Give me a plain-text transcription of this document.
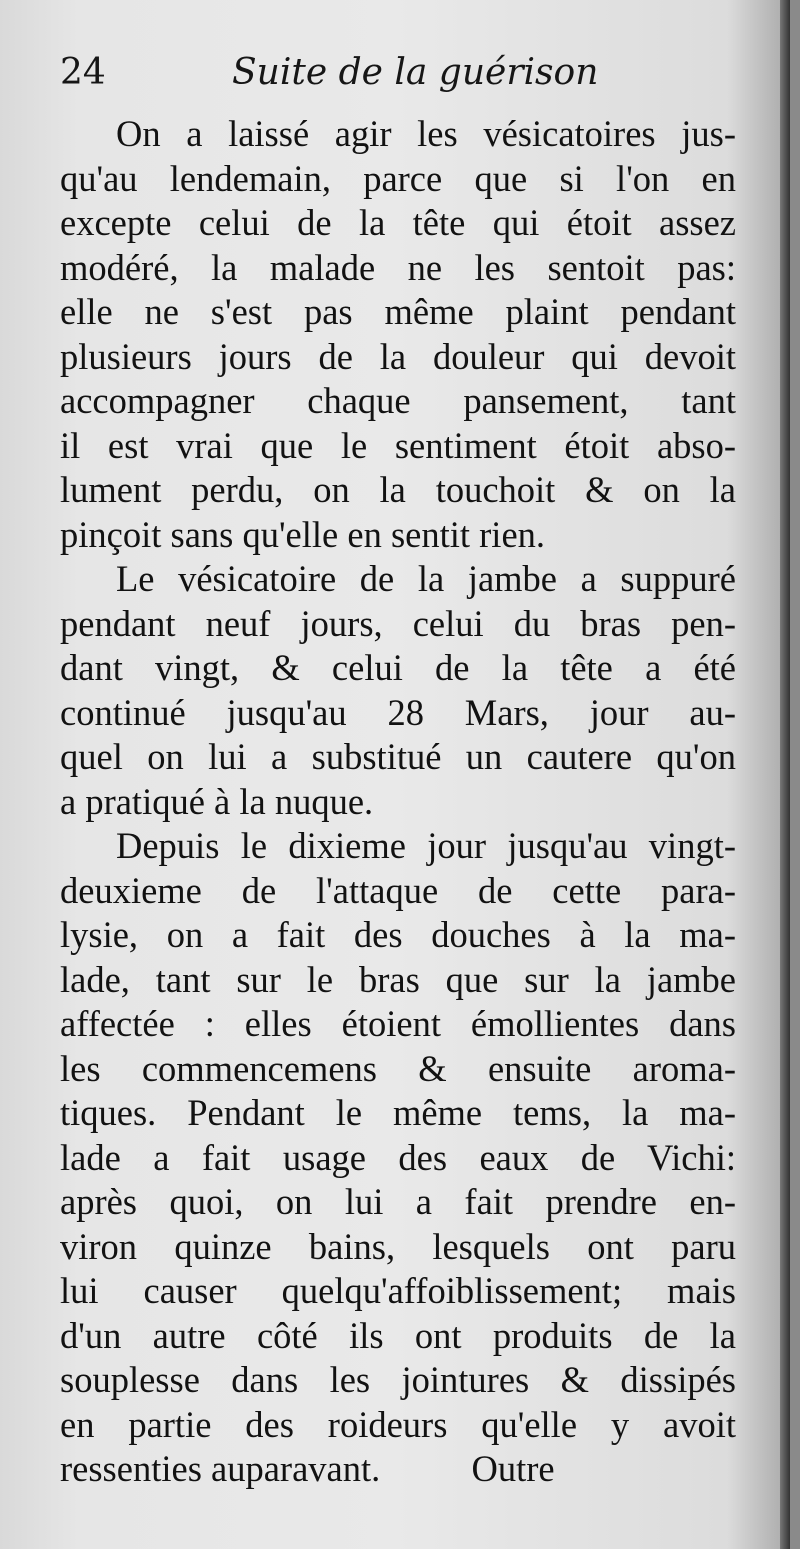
24	Suite de la guérison

On a laissé agir les vésicatoires jus-
qu'au lendemain, parce que si l'on en
excepte celui de la tête qui étoit assez
modéré, la malade ne les sentoit pas:
elle ne s'est pas même plaint pendant
plusieurs jours de la douleur qui devoit
accompagner chaque pansement, tant
il est vrai que le sentiment étoit abso-
lument perdu, on la touchoit & on la
pinçoit sans qu'elle en sentit rien.

Le vésicatoire de la jambe a suppuré
pendant neuf jours, celui du bras pen-
dant vingt, & celui de la tête a été
continué jusqu'au 28 Mars, jour au-
quel on lui a substitué un cautere qu'on
a pratiqué à la nuque.

Depuis le dixieme jour jusqu'au vingt-
deuxieme de l'attaque de cette para-
lysie, on a fait des douches à la ma-
lade, tant sur le bras que sur la jambe
affectée : elles étoient émollientes dans
les commencemens & ensuite aroma-
tiques. Pendant le même tems, la ma-
lade a fait usage des eaux de Vichi:
après quoi, on lui a fait prendre en-
viron quinze bains, lesquels ont paru
lui causer quelqu'affoiblissement; mais
d'un autre côté ils ont produits de la
souplesse dans les jointures & dissipés
en partie des roideurs qu'elle y avoit
ressenties auparavant.          Outre
